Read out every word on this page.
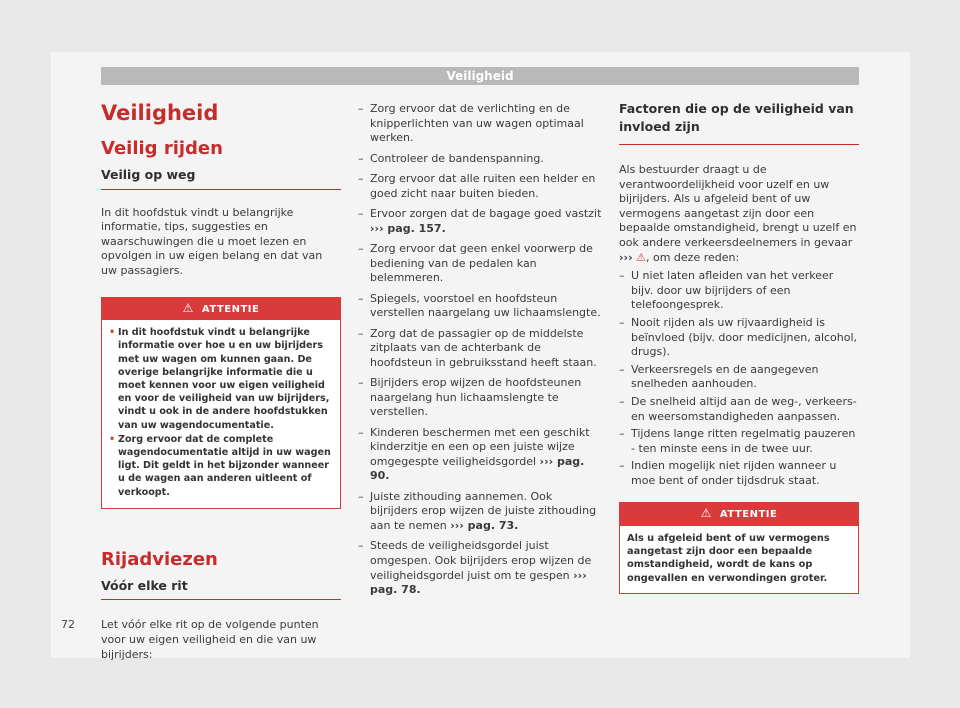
Veiligheid
Veiligheid
Veilig rijden
Veilig op weg

In dit hoofdstuk vindt u belangrijke informatie, tips, suggesties en waarschuwingen die u moet lezen en opvolgen in uw eigen belang en dat van uw passagiers.

⚠ ATTENTIE
• In dit hoofdstuk vindt u belangrijke informatie over hoe u en uw bijrijders met uw wagen om kunnen gaan. De overige belangrijke informatie die u moet kennen voor uw eigen veiligheid en voor de veiligheid van uw bijrijders, vindt u ook in de andere hoofdstukken van uw wagendocumentatie.
• Zorg ervoor dat de complete wagendocumentatie altijd in uw wagen ligt. Dit geldt in het bijzonder wanneer u de wagen aan anderen uitleent of verkoopt.
Rijadviezen
Vóór elke rit

Let vóór elke rit op de volgende punten voor uw eigen veiligheid en die van uw bijrijders:

– Zorg ervoor dat de verlichting en de knipperlichten van uw wagen optimaal werken.
– Controleer de bandenspanning.
– Zorg ervoor dat alle ruiten een helder en goed zicht naar buiten bieden.
– Ervoor zorgen dat de bagage goed vastzit ››› pag. 157.
– Zorg ervoor dat geen enkel voorwerp de bediening van de pedalen kan belemmeren.
– Spiegels, voorstoel en hoofdsteun verstellen naargelang uw lichaamslengte.
– Zorg dat de passagier op de middelste zitplaats van de achterbank de hoofdsteun in gebruiksstand heeft staan.
– Bijrijders erop wijzen de hoofdsteunen naargelang hun lichaamslengte te verstellen.
– Kinderen beschermen met een geschikt kinderzitje en een op een juiste wijze omgegespte veiligheidsgordel ››› pag. 90.
– Juiste zithouding aannemen. Ook bijrijders erop wijzen de juiste zithouding aan te nemen ››› pag. 73.
– Steeds de veiligheidsgordel juist omgespen. Ook bijrijders erop wijzen de veiligheidsgordel juist om te gespen ››› pag. 78.
Factoren die op de veiligheid van invloed zijn

Als bestuurder draagt u de verantwoordelijkheid voor uzelf en uw bijrijders. Als u afgeleid bent of uw vermogens aangetast zijn door een bepaalde omstandigheid, brengt u uzelf en ook andere verkeersdeelnemers in gevaar ››› ⚠, om deze reden:

– U niet laten afleiden van het verkeer bijv. door uw bijrijders of een telefoongesprek.
– Nooit rijden als uw rijvaardigheid is beïnvloed (bijv. door medicijnen, alcohol, drugs).
– Verkeersregels en de aangegeven snelheden aanhouden.
– De snelheid altijd aan de weg-, verkeers- en weersomstandigheden aanpassen.
– Tijdens lange ritten regelmatig pauzeren - ten minste eens in de twee uur.
– Indien mogelijk niet rijden wanneer u moe bent of onder tijdsdruk staat.
⚠ ATTENTIE
Als u afgeleid bent of uw vermogens aangetast zijn door een bepaalde omstandigheid, wordt de kans op ongevallen en verwondingen groter.
72
